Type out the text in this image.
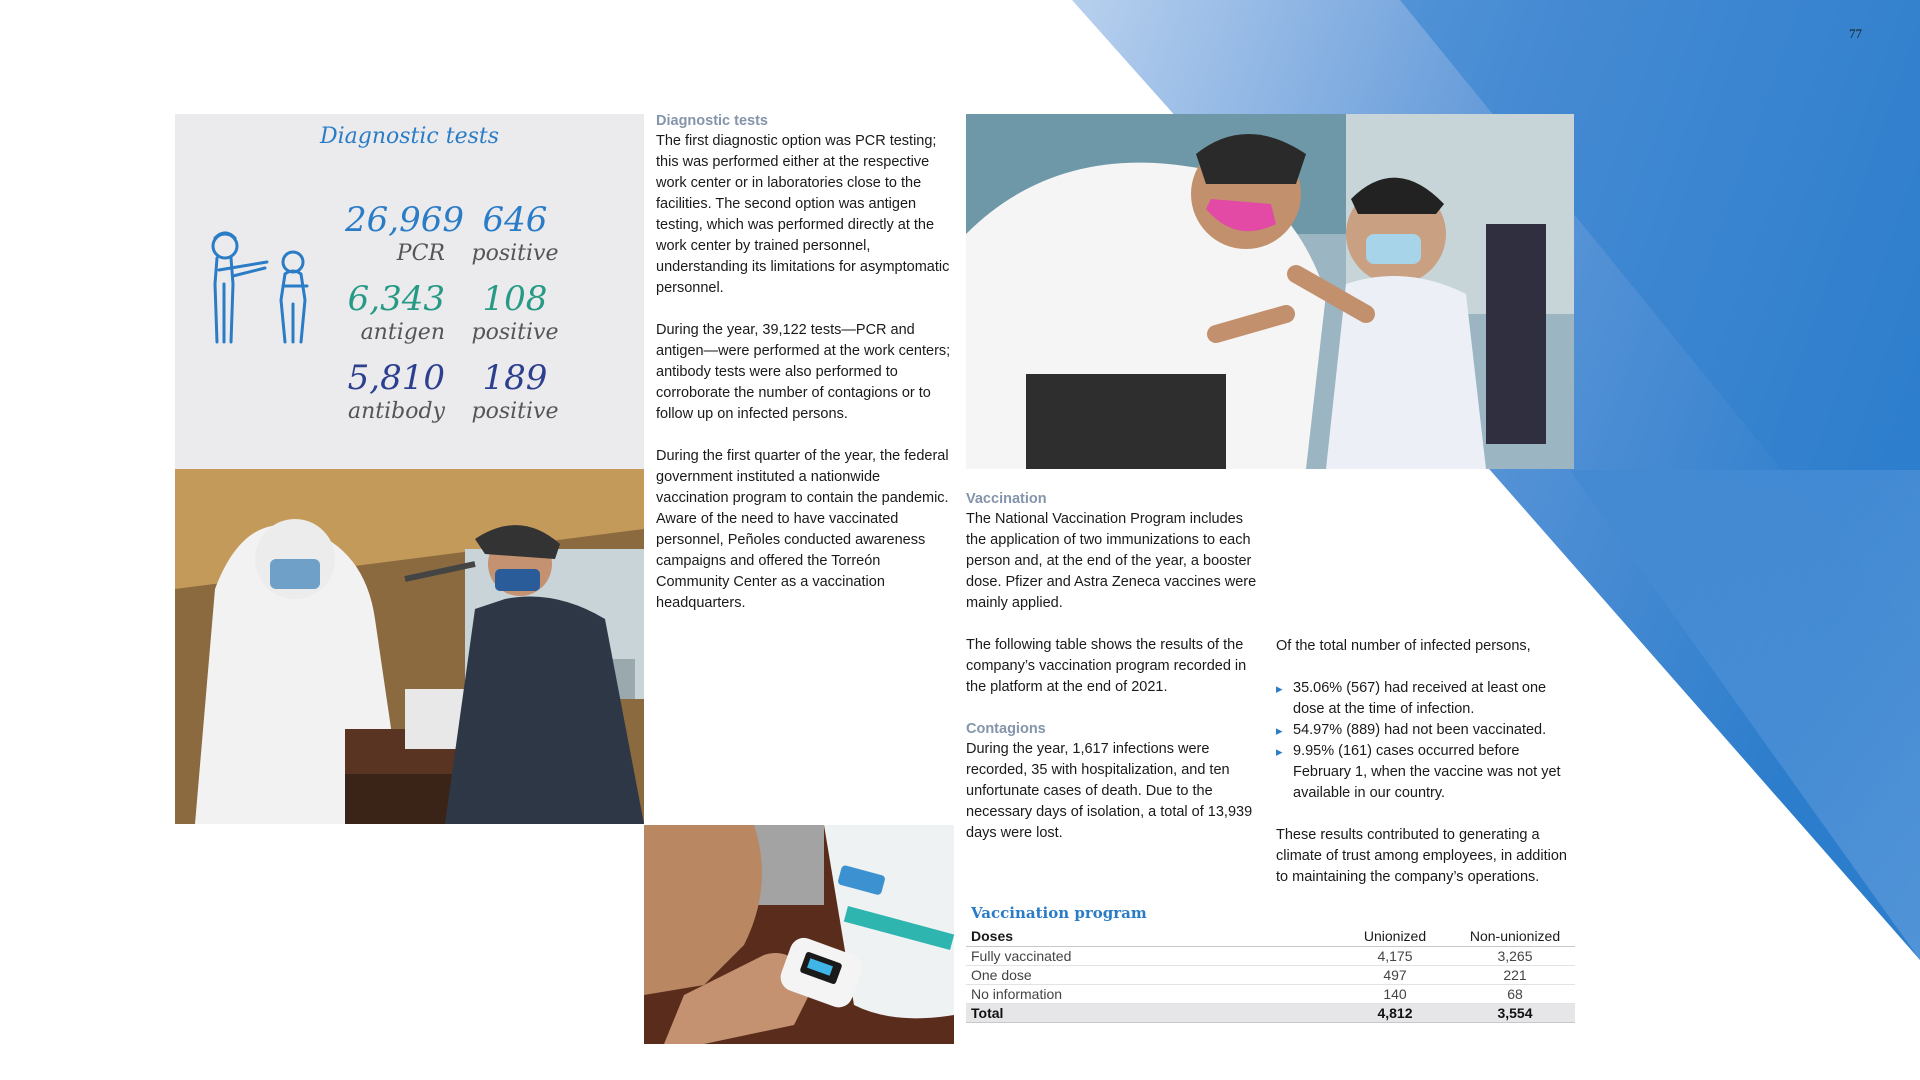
77
Diagnostic tests
26,969
PCR
646
positive
6,343
antigen
108
positive
5,810
antibody
189
positive
Diagnostic tests

The first diagnostic option was PCR testing; this was performed either at the respective work center or in laboratories close to the facilities. The second option was antigen testing, which was performed directly at the work center by trained personnel, understanding its limitations for asymptomatic personnel.

During the year, 39,122 tests—PCR and antigen—were performed at the work centers; antibody tests were also performed to corroborate the number of contagions or to follow up on infected persons.

During the first quarter of the year, the federal government instituted a nationwide vaccination program to contain the pandemic. Aware of the need to have vaccinated personnel, Peñoles conducted awareness campaigns and offered the Torreón Community Center as a vaccination headquarters.

Vaccination

The National Vaccination Program includes the application of two immunizations to each person and, at the end of the year, a booster dose. Pfizer and Astra Zeneca vaccines were mainly applied.

The following table shows the results of the company’s vaccination program recorded in the platform at the end of 2021.

Contagions

During the year, 1,617 infections were recorded, 35 with hospitalization, and ten unfortunate cases of death. Due to the necessary days of isolation, a total of 13,939 days were lost.

Of the total number of infected persons,

▸ 35.06% (567) had received at least one dose at the time of infection.
▸ 54.97% (889) had not been vaccinated.
▸ 9.95% (161) cases occurred before February 1, when the vaccine was not yet available in our country.

These results contributed to generating a climate of trust among employees, in addition to maintaining the company’s operations.

Vaccination program
Doses	Unionized	Non-unionized
Fully vaccinated	4,175	3,265
One dose	497	221
No information	140	68
Total	4,812	3,554
